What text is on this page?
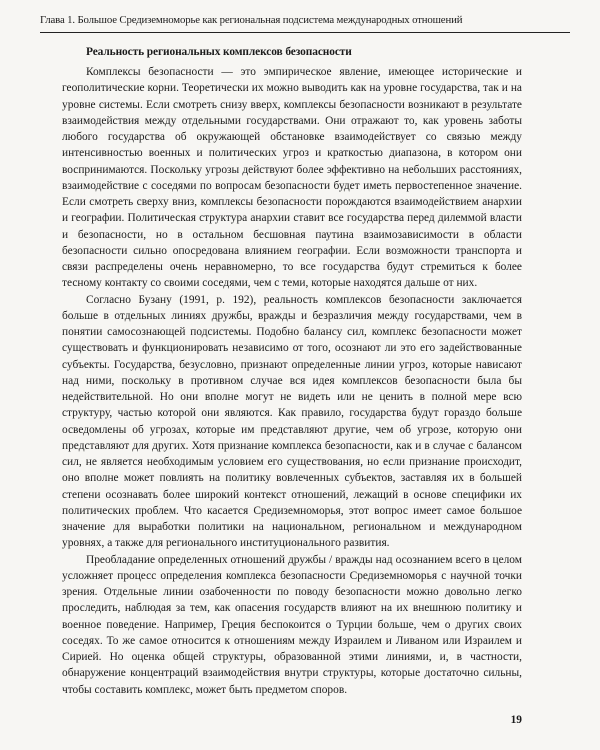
Глава 1. Большое Средиземноморье как региональная подсистема международных отношений
Реальность региональных комплексов безопасности

Комплексы безопасности — это эмпирическое явление, имеющее исторические и геополитические корни. Теоретически их можно выводить как на уровне государства, так и на уровне системы. Если смотреть снизу вверх, комплексы безопасности возникают в результате взаимодействия между отдельными государствами. Они отражают то, как уровень заботы любого государства об окружающей обстановке взаимодействует со связью между интенсивностью военных и политических угроз и краткостью диапазона, в котором они воспринимаются. Поскольку угрозы действуют более эффективно на небольших расстояниях, взаимодействие с соседями по вопросам безопасности будет иметь первостепенное значение. Если смотреть сверху вниз, комплексы безопасности порождаются взаимодействием анархии и географии. Политическая структура анархии ставит все государства перед дилеммой власти и безопасности, но в остальном бесшовная паутина взаимозависимости в области безопасности сильно опосредована влиянием географии. Если возможности транспорта и связи распределены очень неравномерно, то все государства будут стремиться к более тесному контакту со своими соседями, чем с теми, которые находятся дальше от них.

Согласно Бузану (1991, p. 192), реальность комплексов безопасности заключается больше в отдельных линиях дружбы, вражды и безразличия между государствами, чем в понятии самосознающей подсистемы. Подобно балансу сил, комплекс безопасности может существовать и функционировать независимо от того, осознают ли это его задействованные субъекты. Государства, безусловно, признают определенные линии угроз, которые нависают над ними, поскольку в противном случае вся идея комплексов безопасности была бы недействительной. Но они вполне могут не видеть или не ценить в полной мере всю структуру, частью которой они являются. Как правило, государства будут гораздо больше осведомлены об угрозах, которые им представляют другие, чем об угрозе, которую они представляют для других. Хотя признание комплекса безопасности, как и в случае с балансом сил, не является необходимым условием его существования, но если признание происходит, оно вполне может повлиять на политику вовлеченных субъектов, заставляя их в большей степени осознавать более широкий контекст отношений, лежащий в основе специфики их политических проблем. Что касается Средиземноморья, этот вопрос имеет самое большое значение для выработки политики на национальном, региональном и международном уровнях, а также для регионального институционального развития.

Преобладание определенных отношений дружбы / вражды над осознанием всего в целом усложняет процесс определения комплекса безопасности Средиземноморья с научной точки зрения. Отдельные линии озабоченности по поводу безопасности можно довольно легко проследить, наблюдая за тем, как опасения государств влияют на их внешнюю политику и военное поведение. Например, Греция беспокоится о Турции больше, чем о других своих соседях. То же самое относится к отношениям между Израилем и Ливаном или Израилем и Сирией. Но оценка общей структуры, образованной этими линиями, и, в частности, обнаружение концентраций взаимодействия внутри структуры, которые достаточно сильны, чтобы составить комплекс, может быть предметом споров.

19
